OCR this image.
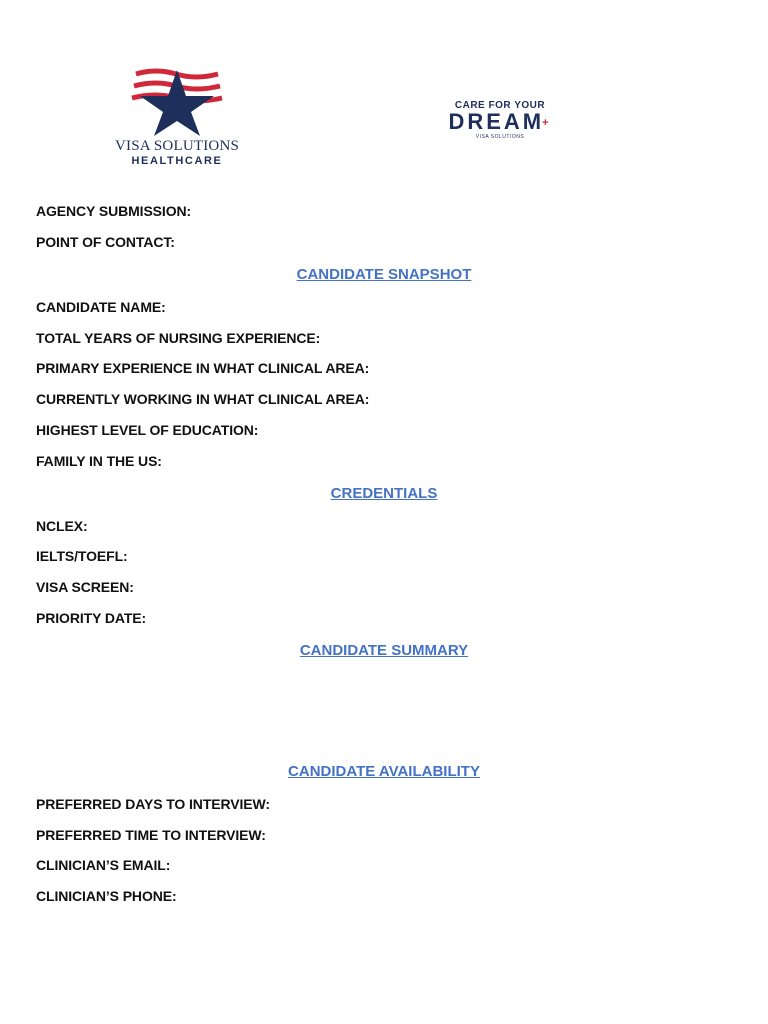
VISA SOLUTIONS
HEALTHCARE
CARE FOR YOUR
DREAM+
VISA SOLUTIONS
AGENCY SUBMISSION:
POINT OF CONTACT:
CANDIDATE SNAPSHOT
CANDIDATE NAME:
TOTAL YEARS OF NURSING EXPERIENCE:
PRIMARY EXPERIENCE IN WHAT CLINICAL AREA:
CURRENTLY WORKING IN WHAT CLINICAL AREA:
HIGHEST LEVEL OF EDUCATION:
FAMILY IN THE US:
CREDENTIALS
NCLEX:
IELTS/TOEFL:
VISA SCREEN:
PRIORITY DATE:
CANDIDATE SUMMARY
CANDIDATE AVAILABILITY
PREFERRED DAYS TO INTERVIEW:
PREFERRED TIME TO INTERVIEW:
CLINICIAN’S EMAIL:
CLINICIAN’S PHONE:
